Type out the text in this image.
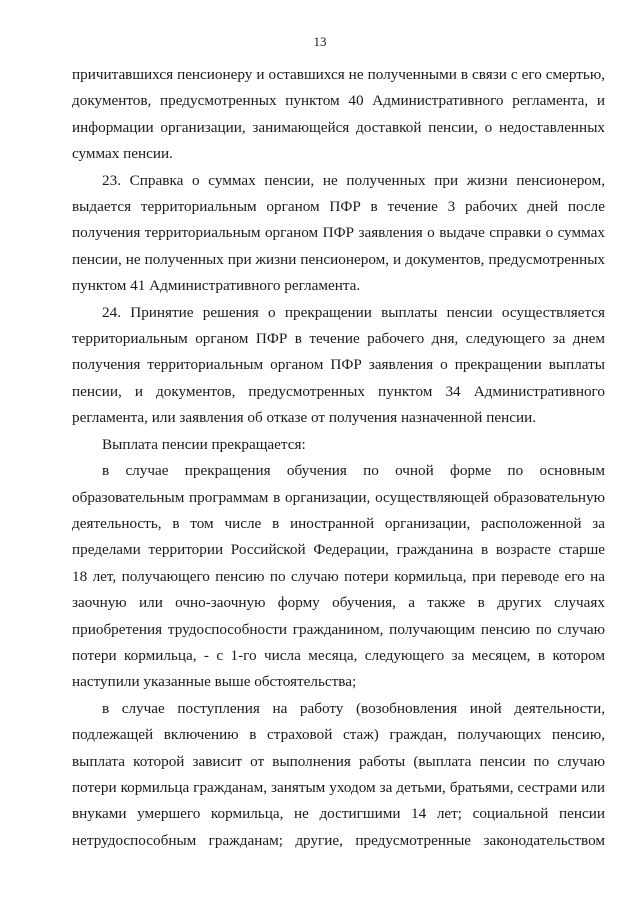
13
причитавшихся пенсионеру и оставшихся не полученными в связи с его смертью,
документов, предусмотренных пунктом 40 Административного регламента, и
информации организации, занимающейся доставкой пенсии, о недоставленных
суммах пенсии.
23. Справка о суммах пенсии, не полученных при жизни пенсионером,
выдается территориальным органом ПФР в течение 3 рабочих дней после
получения территориальным органом ПФР заявления о выдаче справки о суммах
пенсии, не полученных при жизни пенсионером, и документов, предусмотренных
пунктом 41 Административного регламента.
24. Принятие решения о прекращении выплаты пенсии осуществляется
территориальным органом ПФР в течение рабочего дня, следующего за днем
получения территориальным органом ПФР заявления о прекращении выплаты
пенсии, и документов, предусмотренных пунктом 34 Административного
регламента, или заявления об отказе от получения назначенной пенсии.
Выплата пенсии прекращается:
в случае прекращения обучения по очной форме по основным
образовательным программам в организации, осуществляющей образовательную
деятельность, в том числе в иностранной организации, расположенной за
пределами территории Российской Федерации, гражданина в возрасте старше
18 лет, получающего пенсию по случаю потери кормильца, при переводе его на
заочную или очно-заочную форму обучения, а также в других случаях
приобретения трудоспособности гражданином, получающим пенсию по случаю
потери кормильца, - с 1-го числа месяца, следующего за месяцем, в котором
наступили указанные выше обстоятельства;
в случае поступления на работу (возобновления иной деятельности,
подлежащей включению в страховой стаж) граждан, получающих пенсию,
выплата которой зависит от выполнения работы (выплата пенсии по случаю
потери кормильца гражданам, занятым уходом за детьми, братьями, сестрами или
внуками умершего кормильца, не достигшими 14 лет; социальной пенсии
нетрудоспособным гражданам; другие, предусмотренные законодательством
